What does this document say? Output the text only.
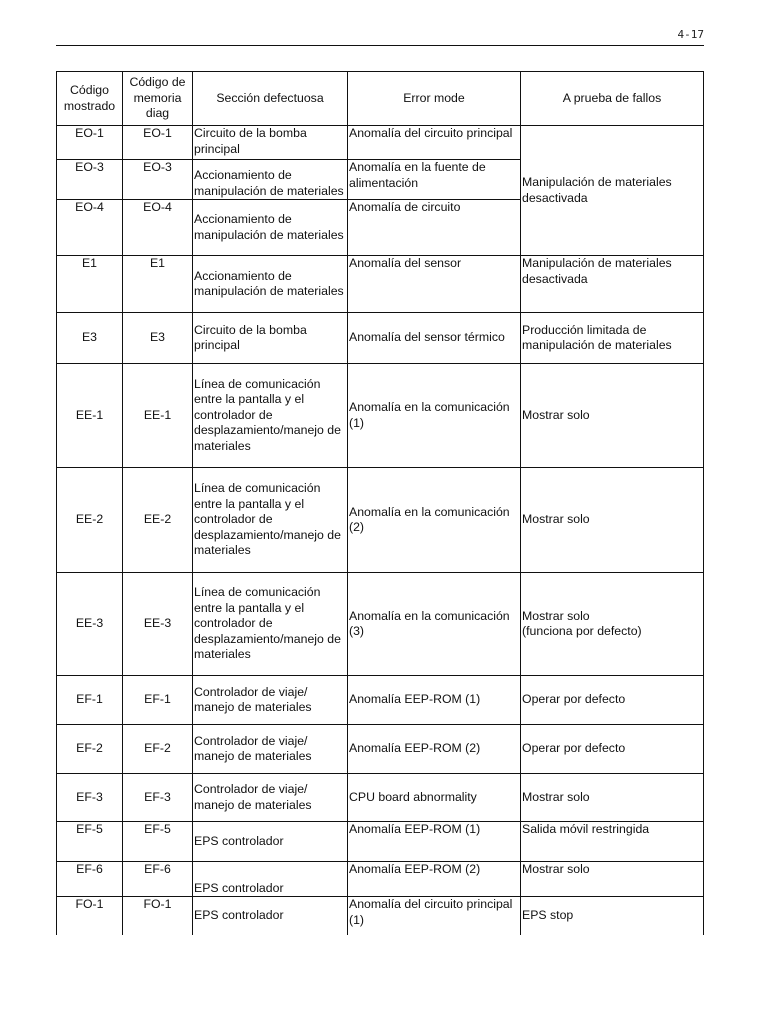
4-17
Código mostrado	Código de memoria diag	Sección defectuosa	Error mode	A prueba de fallos
EO-1	EO-1	Circuito de la bomba principal	Anomalía del circuito principal	Manipulación de materiales desactivada
EO-3	EO-3	Accionamiento de manipulación de materiales	Anomalía en la fuente de alimentación	
EO-4	EO-4	Accionamiento de manipulación de materiales	Anomalía de circuito	
E1	E1	Accionamiento de manipulación de materiales	Anomalía del sensor	Manipulación de materiales desactivada
E3	E3	Circuito de la bomba principal	Anomalía del sensor térmico	Producción limitada de manipulación de materiales
EE-1	EE-1	Línea de comunicación entre la pantalla y el controlador de desplazamiento/manejo de materiales	Anomalía en la comunicación (1)	Mostrar solo
EE-2	EE-2	Línea de comunicación entre la pantalla y el controlador de desplazamiento/manejo de materiales	Anomalía en la comunicación (2)	Mostrar solo
EE-3	EE-3	Línea de comunicación entre la pantalla y el controlador de desplazamiento/manejo de materiales	Anomalía en la comunicación (3)	Mostrar solo
(funciona por defecto)
EF-1	EF-1	Controlador de viaje/ manejo de materiales	Anomalía EEP-ROM (1)	Operar por defecto
EF-2	EF-2	Controlador de viaje/ manejo de materiales	Anomalía EEP-ROM (2)	Operar por defecto
EF-3	EF-3	Controlador de viaje/ manejo de materiales	CPU board abnormality	Mostrar solo
EF-5	EF-5	EPS controlador	Anomalía EEP-ROM (1)	Salida móvil restringida
EF-6	EF-6	EPS controlador	Anomalía EEP-ROM (2)	Mostrar solo
FO-1	FO-1	EPS controlador	Anomalía del circuito principal (1)	EPS stop
